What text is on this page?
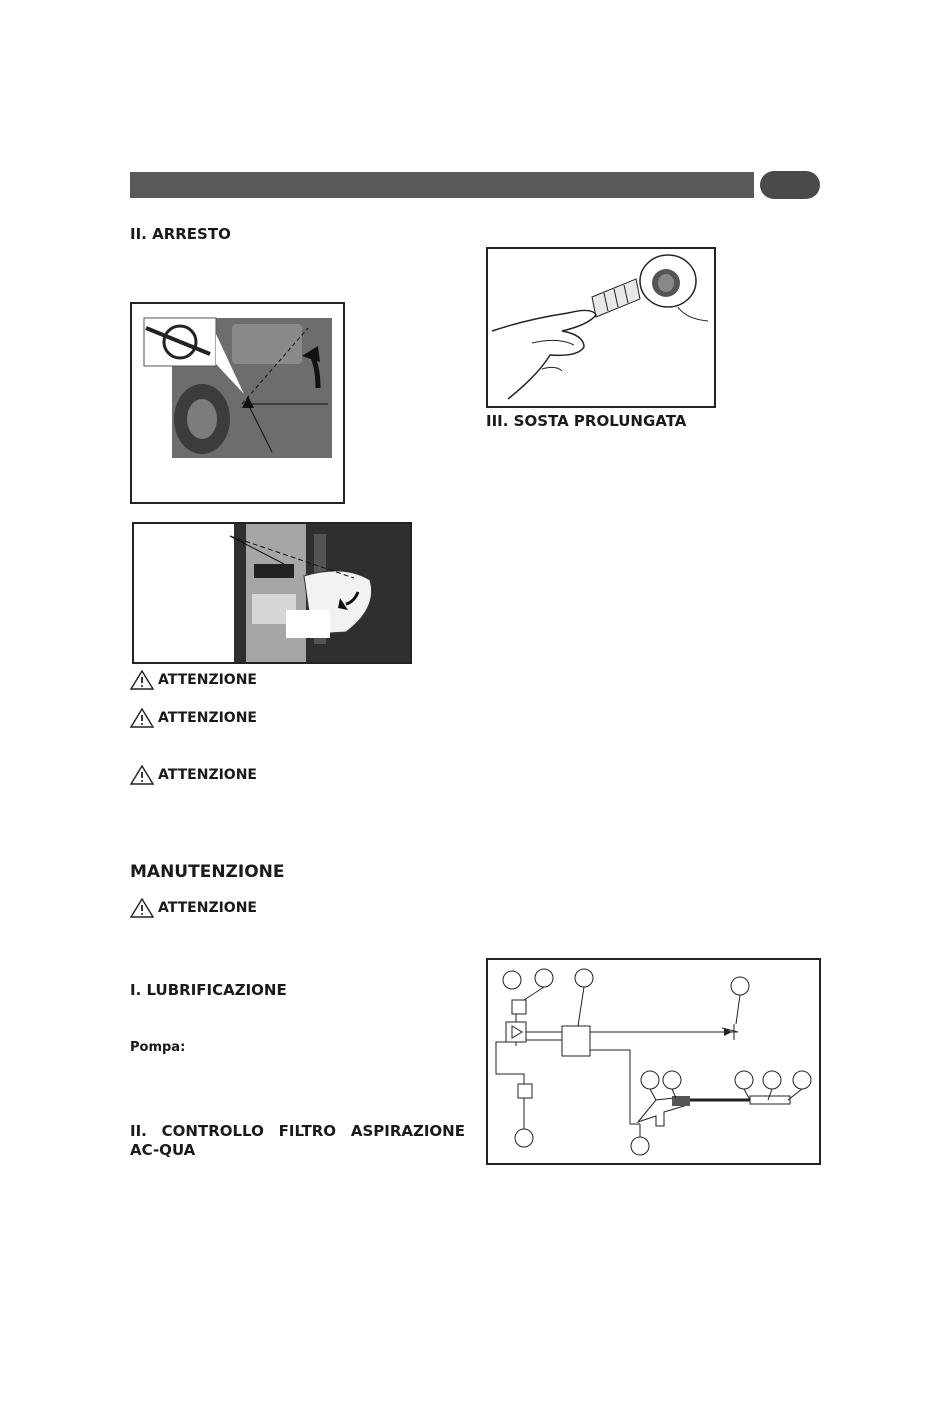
II. ARRESTO
ATTENZIONE
ATTENZIONE
ATTENZIONE
MANUTENZIONE
ATTENZIONE
I. LUBRIFICAZIONE

Pompa:

II. CONTROLLO FILTRO ASPIRAZIONE AC-QUA
III. SOSTA PROLUNGATA
